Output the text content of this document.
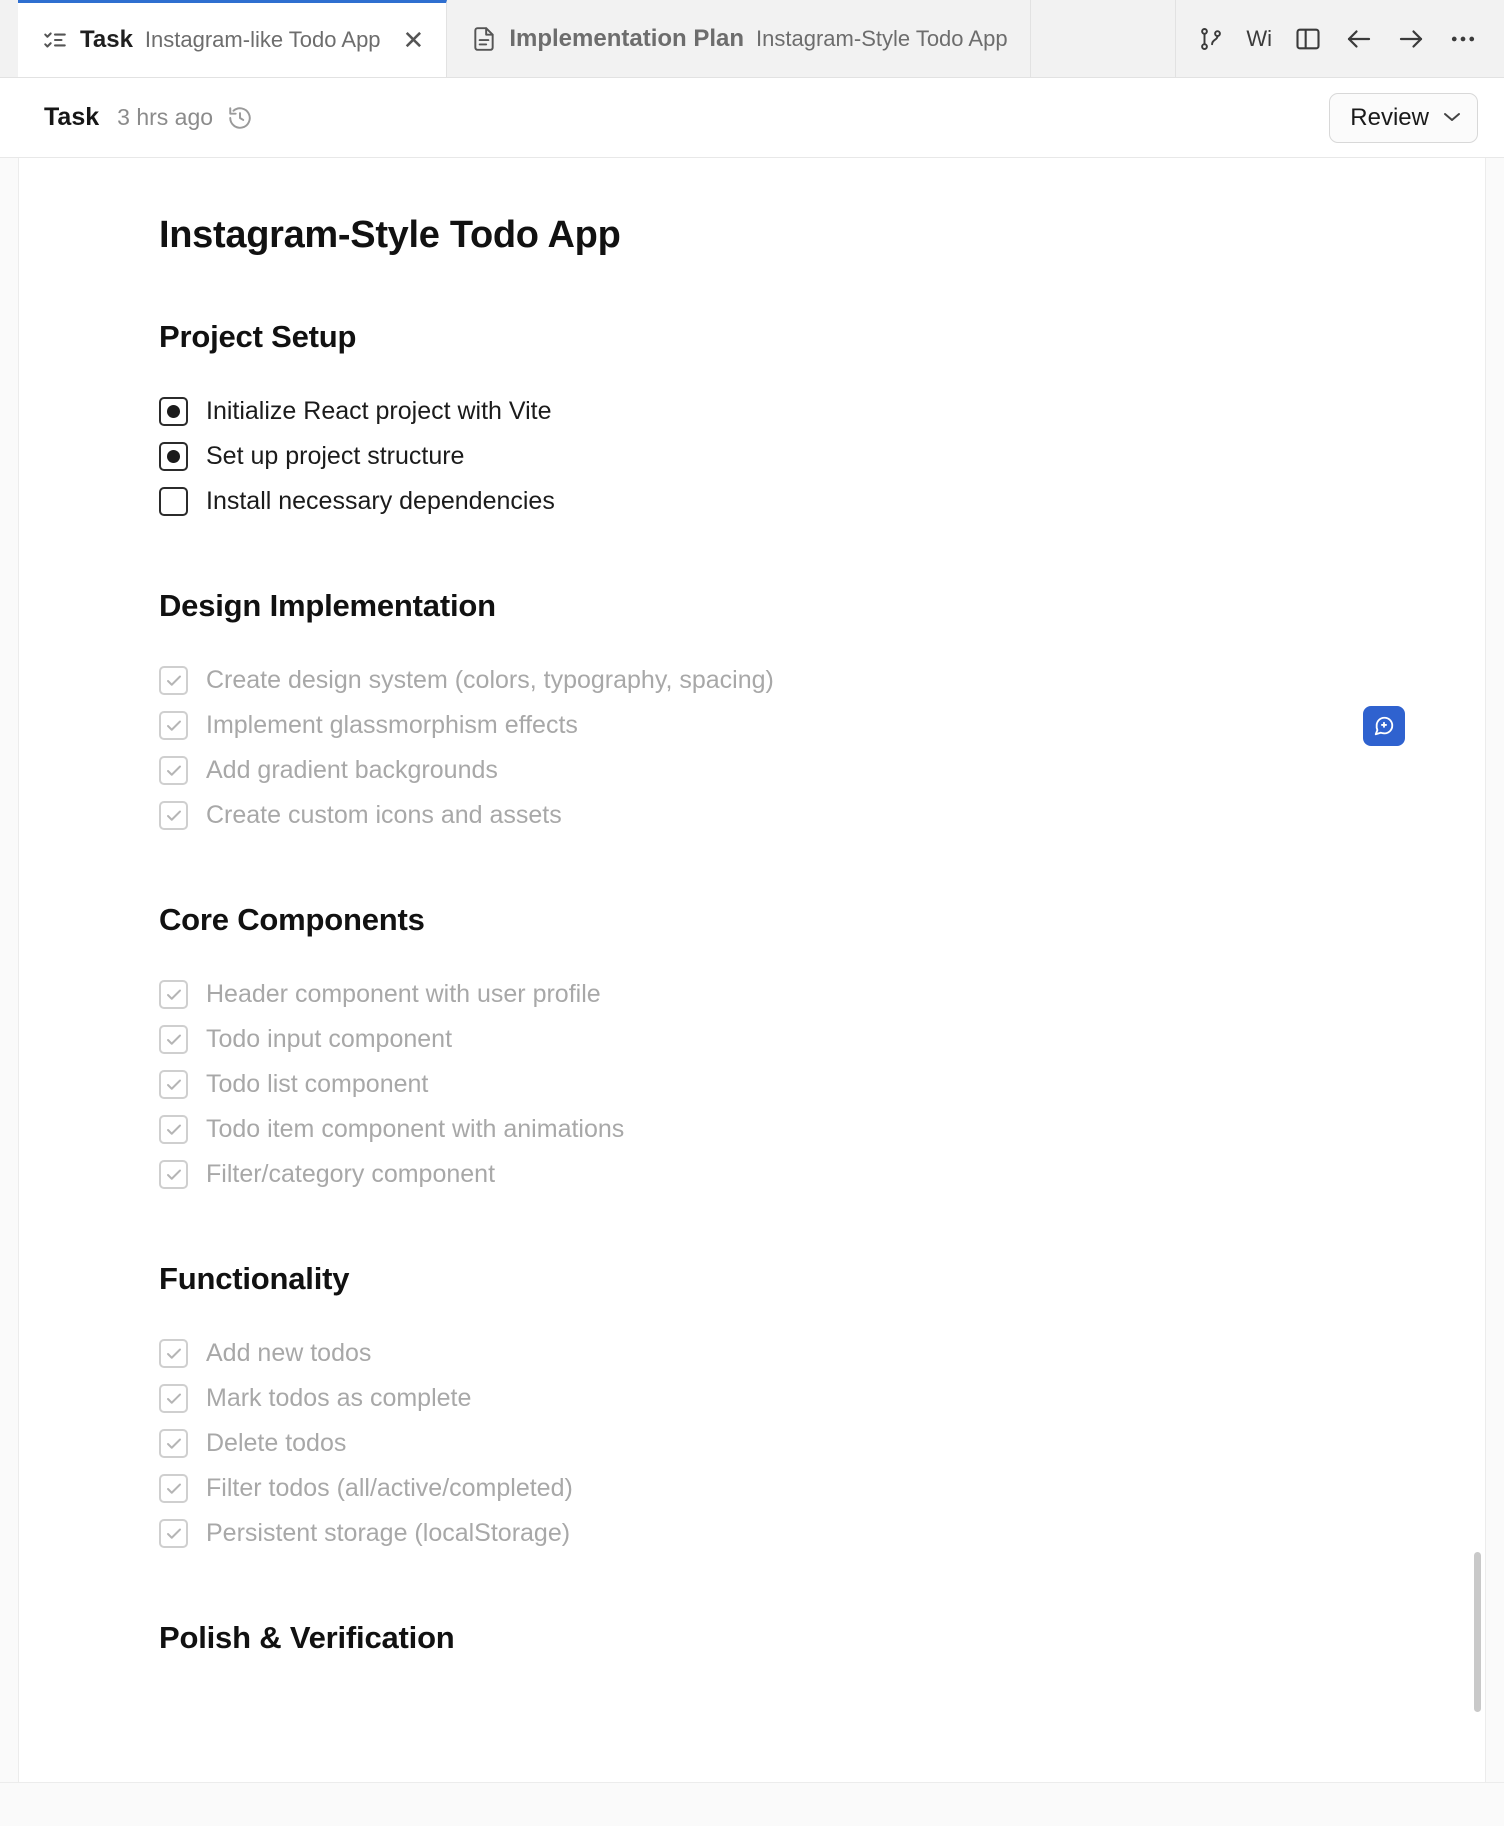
Task Instagram-like Todo App ✕	Implementation Plan Instagram-Style Todo App	Wi
Task 3 hrs ago	Review
Instagram-Style Todo App
Project Setup
Initialize React project with Vite
Set up project structure
Install necessary dependencies
Design Implementation
Create design system (colors, typography, spacing)
Implement glassmorphism effects
Add gradient backgrounds
Create custom icons and assets
Core Components
Header component with user profile
Todo input component
Todo list component
Todo item component with animations
Filter/category component
Functionality
Add new todos
Mark todos as complete
Delete todos
Filter todos (all/active/completed)
Persistent storage (localStorage)
Polish & Verification
